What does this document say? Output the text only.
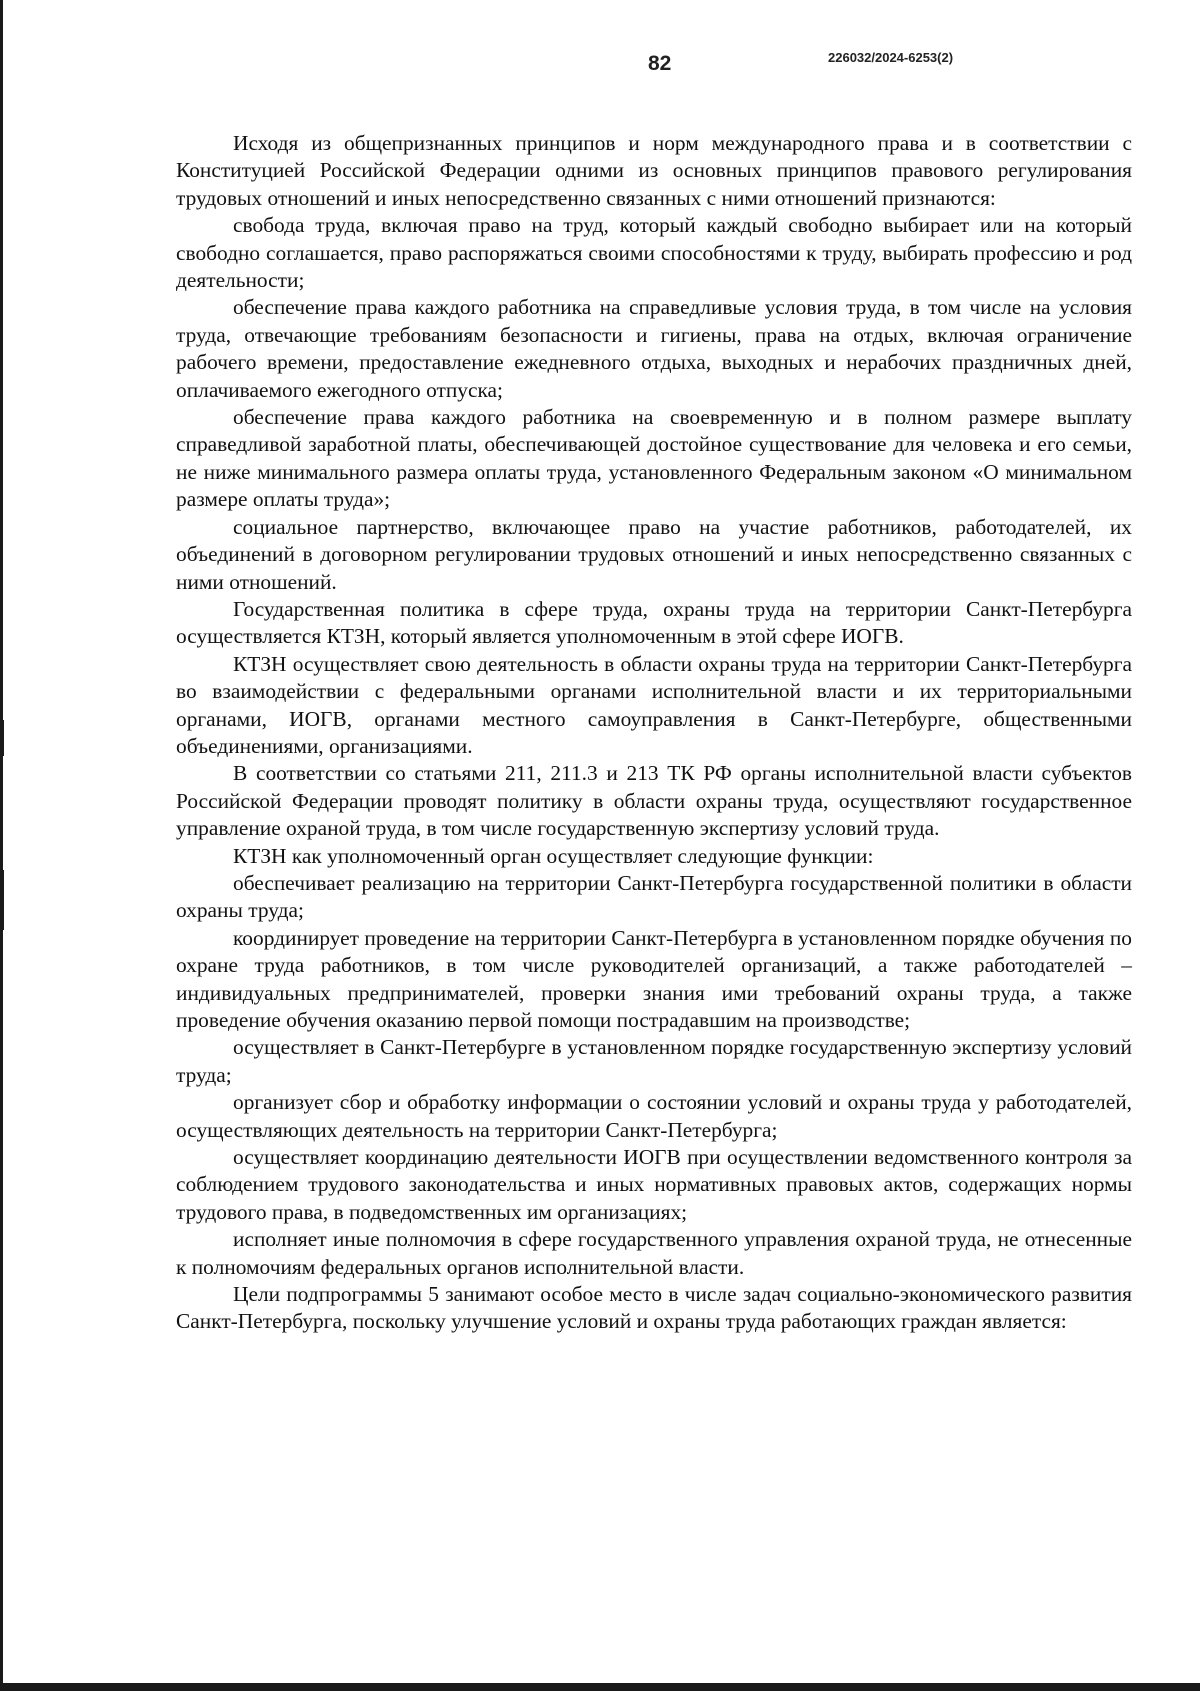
82	226032/2024-6253(2)

Исходя из общепризнанных принципов и норм международного права и в соответствии с Конституцией Российской Федерации одними из основных принципов правового регулирования трудовых отношений и иных непосредственно связанных с ними отношений признаются:

свобода труда, включая право на труд, который каждый свободно выбирает или на который свободно соглашается, право распоряжаться своими способностями к труду, выбирать профессию и род деятельности;

обеспечение права каждого работника на справедливые условия труда, в том числе на условия труда, отвечающие требованиям безопасности и гигиены, права на отдых, включая ограничение рабочего времени, предоставление ежедневного отдыха, выходных и нерабочих праздничных дней, оплачиваемого ежегодного отпуска;

обеспечение права каждого работника на своевременную и в полном размере выплату справедливой заработной платы, обеспечивающей достойное существование для человека и его семьи, не ниже минимального размера оплаты труда, установленного Федеральным законом «О минимальном размере оплаты труда»;

социальное партнерство, включающее право на участие работников, работодателей, их объединений в договорном регулировании трудовых отношений и иных непосредственно связанных с ними отношений.

Государственная политика в сфере труда, охраны труда на территории Санкт-Петербурга осуществляется КТЗН, который является уполномоченным в этой сфере ИОГВ.

КТЗН осуществляет свою деятельность в области охраны труда на территории Санкт-Петербурга во взаимодействии с федеральными органами исполнительной власти и их территориальными органами, ИОГВ, органами местного самоуправления в Санкт-Петербурге, общественными объединениями, организациями.

В соответствии со статьями 211, 211.3 и 213 ТК РФ органы исполнительной власти субъектов Российской Федерации проводят политику в области охраны труда, осуществляют государственное управление охраной труда, в том числе государственную экспертизу условий труда.

КТЗН как уполномоченный орган осуществляет следующие функции:

обеспечивает реализацию на территории Санкт-Петербурга государственной политики в области охраны труда;

координирует проведение на территории Санкт-Петербурга в установленном порядке обучения по охране труда работников, в том числе руководителей организаций, а также работодателей – индивидуальных предпринимателей, проверки знания ими требований охраны труда, а также проведение обучения оказанию первой помощи пострадавшим на производстве;

осуществляет в Санкт-Петербурге в установленном порядке государственную экспертизу условий труда;

организует сбор и обработку информации о состоянии условий и охраны труда у работодателей, осуществляющих деятельность на территории Санкт-Петербурга;

осуществляет координацию деятельности ИОГВ при осуществлении ведомственного контроля за соблюдением трудового законодательства и иных нормативных правовых актов, содержащих нормы трудового права, в подведомственных им организациях;

исполняет иные полномочия в сфере государственного управления охраной труда, не отнесенные к полномочиям федеральных органов исполнительной власти.

Цели подпрограммы 5 занимают особое место в числе задач социально-экономического развития Санкт-Петербурга, поскольку улучшение условий и охраны труда работающих граждан является:
